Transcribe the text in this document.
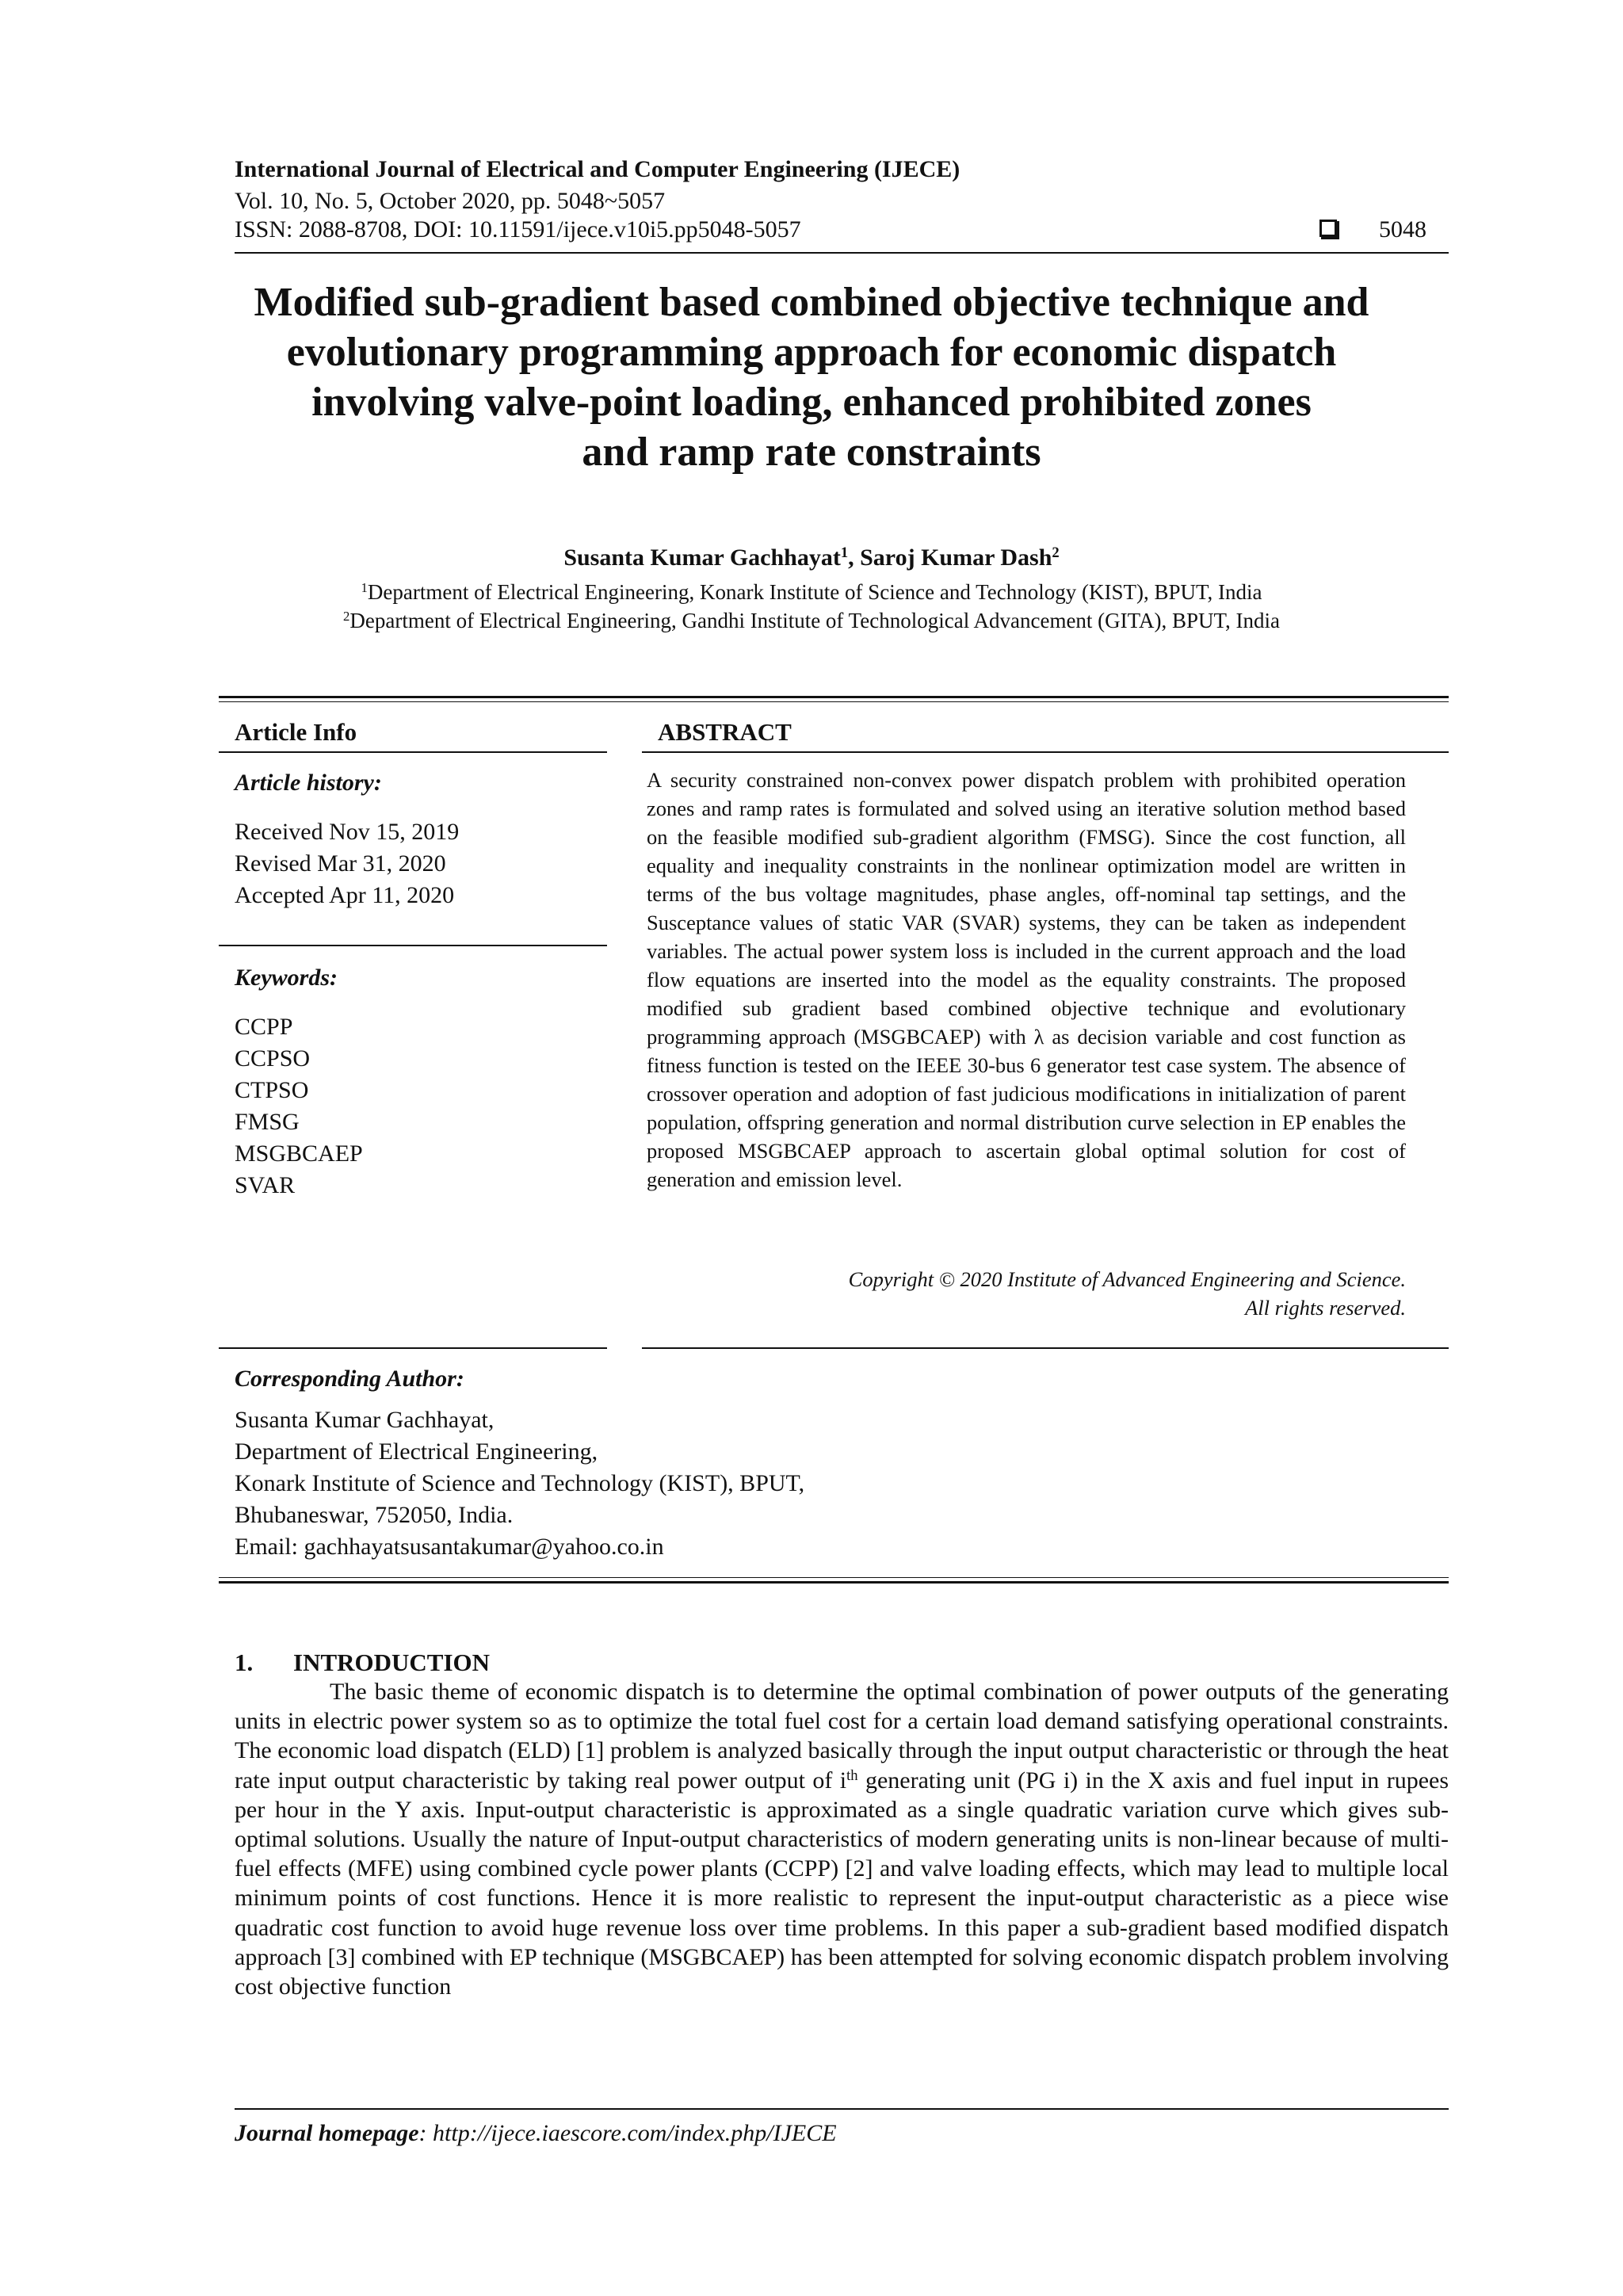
International Journal of Electrical and Computer Engineering (IJECE)
Vol. 10, No. 5, October 2020, pp. 5048~5057
ISSN: 2088-8708, DOI: 10.11591/ijece.v10i5.pp5048-5057	5048
Modified sub-gradient based combined objective technique and
evolutionary programming approach for economic dispatch
involving valve-point loading, enhanced prohibited zones
and ramp rate constraints
Susanta Kumar Gachhayat$^1$, Saroj Kumar Dash$^2$
$^1$Department of Electrical Engineering, Konark Institute of Science and Technology (KIST), BPUT, India
$^2$Department of Electrical Engineering, Gandhi Institute of Technological Advancement (GITA), BPUT, India
Article Info
Article history:
Received Nov 15, 2019
Revised Mar 31, 2020
Accepted Apr 11, 2020
Keywords:
CCPP
CCPSO
CTPSO
FMSG
MSGBCAEP
SVAR
ABSTRACT
A security constrained non-convex power dispatch problem with prohibited operation zones and ramp rates is formulated and solved using an iterative solution method based on the feasible modified sub-gradient algorithm (FMSG). Since the cost function, all equality and inequality constraints in the nonlinear optimization model are written in terms of the bus voltage magnitudes, phase angles, off-nominal tap settings, and the Susceptance values of static VAR (SVAR) systems, they can be taken as independent variables. The actual power system loss is included in the current approach and the load flow equations are inserted into the model as the equality constraints. The proposed modified sub gradient based combined objective technique and evolutionary programming approach (MSGBCAEP) with λ as decision variable and cost function as fitness function is tested on the IEEE 30-bus 6 generator test case system. The absence of crossover operation and adoption of fast judicious modifications in initialization of parent population, offspring generation and normal distribution curve selection in EP enables the proposed MSGBCAEP approach to ascertain global optimal solution for cost of generation and emission level.
Copyright © 2020 Institute of Advanced Engineering and Science.
All rights reserved.
Corresponding Author:
Susanta Kumar Gachhayat,
Department of Electrical Engineering,
Konark Institute of Science and Technology (KIST), BPUT,
Bhubaneswar, 752050, India.
Email: gachhayatsusantakumar@yahoo.co.in
1. INTRODUCTION

The basic theme of economic dispatch is to determine the optimal combination of power outputs of the generating units in electric power system so as to optimize the total fuel cost for a certain load demand satisfying operational constraints. The economic load dispatch (ELD) [1] problem is analyzed basically through the input output characteristic or through the heat rate input output characteristic by taking real power output of $i^{th}$ generating unit (PG i) in the X axis and fuel input in rupees per hour in the Y axis. Input-output characteristic is approximated as a single quadratic variation curve which gives sub-optimal solutions. Usually the nature of Input-output characteristics of modern generating units is non-linear because of multi-fuel effects (MFE) using combined cycle power plants (CCPP) [2] and valve loading effects, which may lead to multiple local minimum points of cost functions. Hence it is more realistic to represent the input-output characteristic as a piece wise quadratic cost function to avoid huge revenue loss over time problems. In this paper a sub-gradient based modified dispatch approach [3] combined with EP technique (MSGBCAEP) has been attempted for solving economic dispatch problem involving cost objective function

Journal homepage: http://ijece.iaescore.com/index.php/IJECE
